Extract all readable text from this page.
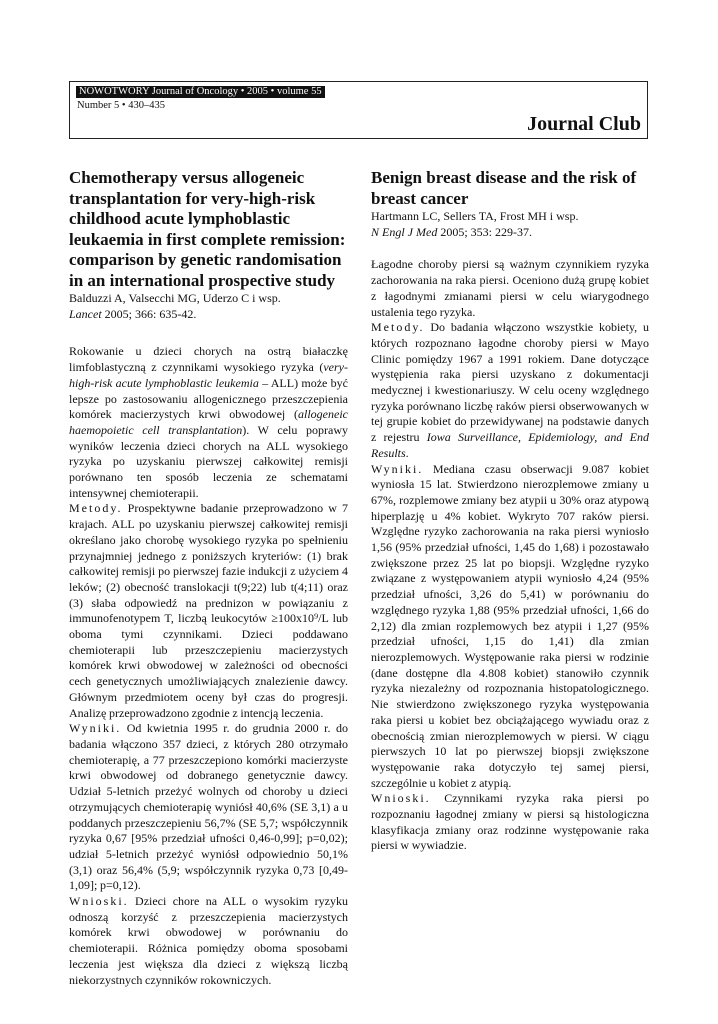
NOWOTWORY Journal of Oncology • 2005 • volume 55
Number 5 • 430–435
Journal Club
Chemotherapy versus allogeneic transplantation for very-high-risk childhood acute lymphoblastic leukaemia in first complete remission: comparison by genetic randomisation in an international prospective study

Balduzzi A, Valsecchi MG, Uderzo C i wsp.

Lancet 2005; 366: 635-42.

Rokowanie u dzieci chorych na ostrą białaczkę limfoblastyczną z czynnikami wysokiego ryzyka (very-high-risk acute lymphoblastic leukemia – ALL) może być lepsze po zastosowaniu allogenicznego przeszczepienia komórek macierzystych krwi obwodowej (allogeneic haemopoietic cell transplantation). W celu poprawy wyników leczenia dzieci chorych na ALL wysokiego ryzyka po uzyskaniu pierwszej całkowitej remisji porównano ten sposób leczenia ze schematami intensywnej chemioterapii.

Metody. Prospektywne badanie przeprowadzono w 7 krajach. ALL po uzyskaniu pierwszej całkowitej remisji określano jako chorobę wysokiego ryzyka po spełnieniu przynajmniej jednego z poniższych kryteriów: (1) brak całkowitej remisji po pierwszej fazie indukcji z użyciem 4 leków; (2) obecność translokacji t(9;22) lub t(4;11) oraz (3) słaba odpowiedź na prednizon w powiązaniu z immunofenotypem T, liczbą leukocytów ≥100x10⁹/L lub oboma tymi czynnikami. Dzieci poddawano chemioterapii lub przeszczepieniu macierzystych komórek krwi obwodowej w zależności od obecności cech genetycznych umożliwiających znalezienie dawcy. Głównym przedmiotem oceny był czas do progresji. Analizę przeprowadzono zgodnie z intencją leczenia.

Wyniki. Od kwietnia 1995 r. do grudnia 2000 r. do badania włączono 357 dzieci, z których 280 otrzymało chemioterapię, a 77 przeszczepiono komórki macierzyste krwi obwodowej od dobranego genetycznie dawcy. Udział 5-letnich przeżyć wolnych od choroby u dzieci otrzymujących chemioterapię wyniósł 40,6% (SE 3,1) a u poddanych przeszczepieniu 56,7% (SE 5,7; współczynnik ryzyka 0,67 [95% przedział ufności 0,46-0,99]; p=0,02); udział 5-letnich przeżyć wyniósł odpowiednio 50,1% (3,1) oraz 56,4% (5,9; współczynnik ryzyka 0,73 [0,49-1,09]; p=0,12).

Wnioski. Dzieci chore na ALL o wysokim ryzyku odnoszą korzyść z przeszczepienia macierzystych komórek krwi obwodowej w porównaniu do chemioterapii. Różnica pomiędzy oboma sposobami leczenia jest większa dla dzieci z większą liczbą niekorzystnych czynników rokowniczych.

Benign breast disease and the risk of breast cancer

Hartmann LC, Sellers TA, Frost MH i wsp.

N Engl J Med 2005; 353: 229-37.

Łagodne choroby piersi są ważnym czynnikiem ryzyka zachorowania na raka piersi. Oceniono dużą grupę kobiet z łagodnymi zmianami piersi w celu wiarygodnego ustalenia tego ryzyka.

Metody. Do badania włączono wszystkie kobiety, u których rozpoznano łagodne choroby piersi w Mayo Clinic pomiędzy 1967 a 1991 rokiem. Dane dotyczące występienia raka piersi uzyskano z dokumentacji medycznej i kwestionariuszy. W celu oceny względnego ryzyka porównano liczbę raków piersi obserwowanych w tej grupie kobiet do przewidywanej na podstawie danych z rejestru Iowa Surveillance, Epidemiology, and End Results.

Wyniki. Mediana czasu obserwacji 9.087 kobiet wyniosła 15 lat. Stwierdzono nierozplemowe zmiany u 67%, rozplemowe zmiany bez atypii u 30% oraz atypową hiperplazję u 4% kobiet. Wykryto 707 raków piersi. Względne ryzyko zachorowania na raka piersi wyniosło 1,56 (95% przedział ufności, 1,45 do 1,68) i pozostawało zwiększone przez 25 lat po biopsji. Względne ryzyko związane z występowaniem atypii wyniosło 4,24 (95% przedział ufności, 3,26 do 5,41) w porównaniu do względnego ryzyka 1,88 (95% przedział ufności, 1,66 do 2,12) dla zmian rozplemowych bez atypii i 1,27 (95% przedział ufności, 1,15 do 1,41) dla zmian nierozplemowych. Występowanie raka piersi w rodzinie (dane dostępne dla 4.808 kobiet) stanowiło czynnik ryzyka niezależny od rozpoznania histopatologicznego. Nie stwierdzono zwiększonego ryzyka występowania raka piersi u kobiet bez obciążającego wywiadu oraz z obecnością zmian nierozplemowych w piersi. W ciągu pierwszych 10 lat po pierwszej biopsji zwiększone występowanie raka dotyczyło tej samej piersi, szczególnie u kobiet z atypią.

Wnioski. Czynnikami ryzyka raka piersi po rozpoznaniu łagodnej zmiany w piersi są histologiczna klasyfikacja zmiany oraz rodzinne występowanie raka piersi w wywiadzie.
